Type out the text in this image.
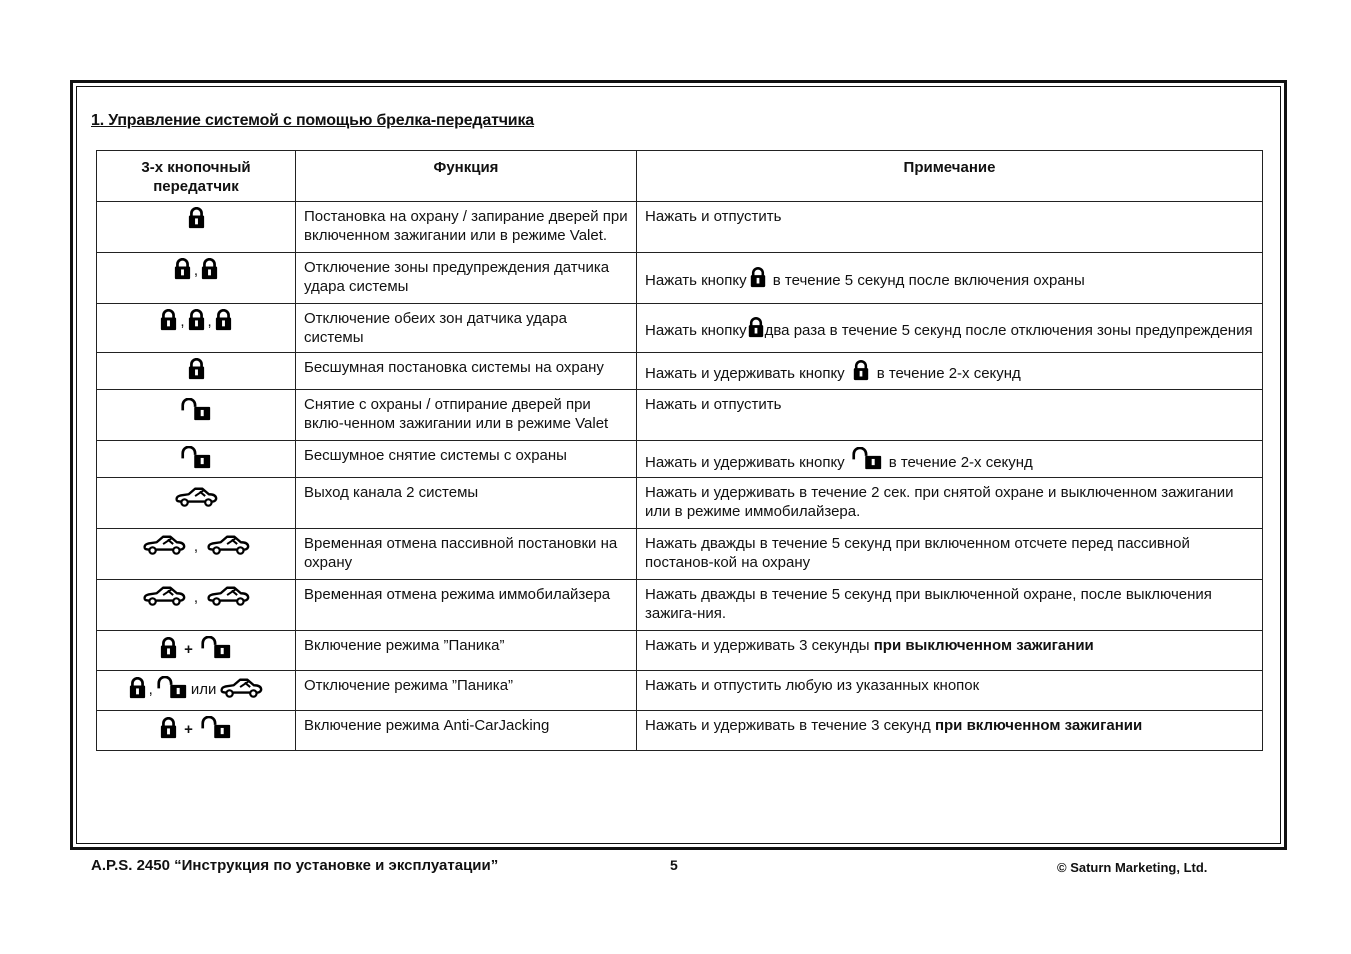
1. Управление системой с помощью брелка-передатчика
3-х кнопочный передатчик	Функция	Примечание
	Постановка на охрану / запирание дверей при включенном зажигании или в режиме Valet.	Нажать и отпустить
,	Отключение зоны предупреждения датчика удара системы	Нажать кнопку в течение 5 секунд после включения охраны
, ,	Отключение обеих зон датчика удара системы	Нажать кнопку два раза в течение 5 секунд после отключения зоны предупреждения
	Бесшумная постановка системы на охрану	Нажать и удерживать кнопку в течение 2-х секунд
	Снятие с охраны / отпирание дверей при вклю-ченном зажигании или в режиме Valet	Нажать и отпустить
	Бесшумное снятие системы с охраны	Нажать и удерживать кнопку в течение 2-х секунд
	Выход канала 2 системы	Нажать и удерживать в течение 2 сек. при снятой охране и выключенном зажигании или в режиме иммобилайзера.
,	Временная отмена пассивной постановки на охрану	Нажать дважды в течение 5 секунд при включенном отсчете перед пассивной постанов-кой на охрану
,	Временная отмена режима иммобилайзера	Нажать дважды в течение 5 секунд при выключенной охране, после выключения зажига-ния.
+	Включение режима ”Паника”	Нажать и удерживать 3 секунды при выключенном зажигании
, или	Отключение режима ”Паника”	Нажать и отпустить любую из указанных кнопок
+	Включение режима Anti-CarJacking	Нажать и удерживать в течение 3 секунд при включенном зажигании
A.P.S. 2450 “Инструкция по установке и эксплуатации”	5	© Saturn Marketing, Ltd.
